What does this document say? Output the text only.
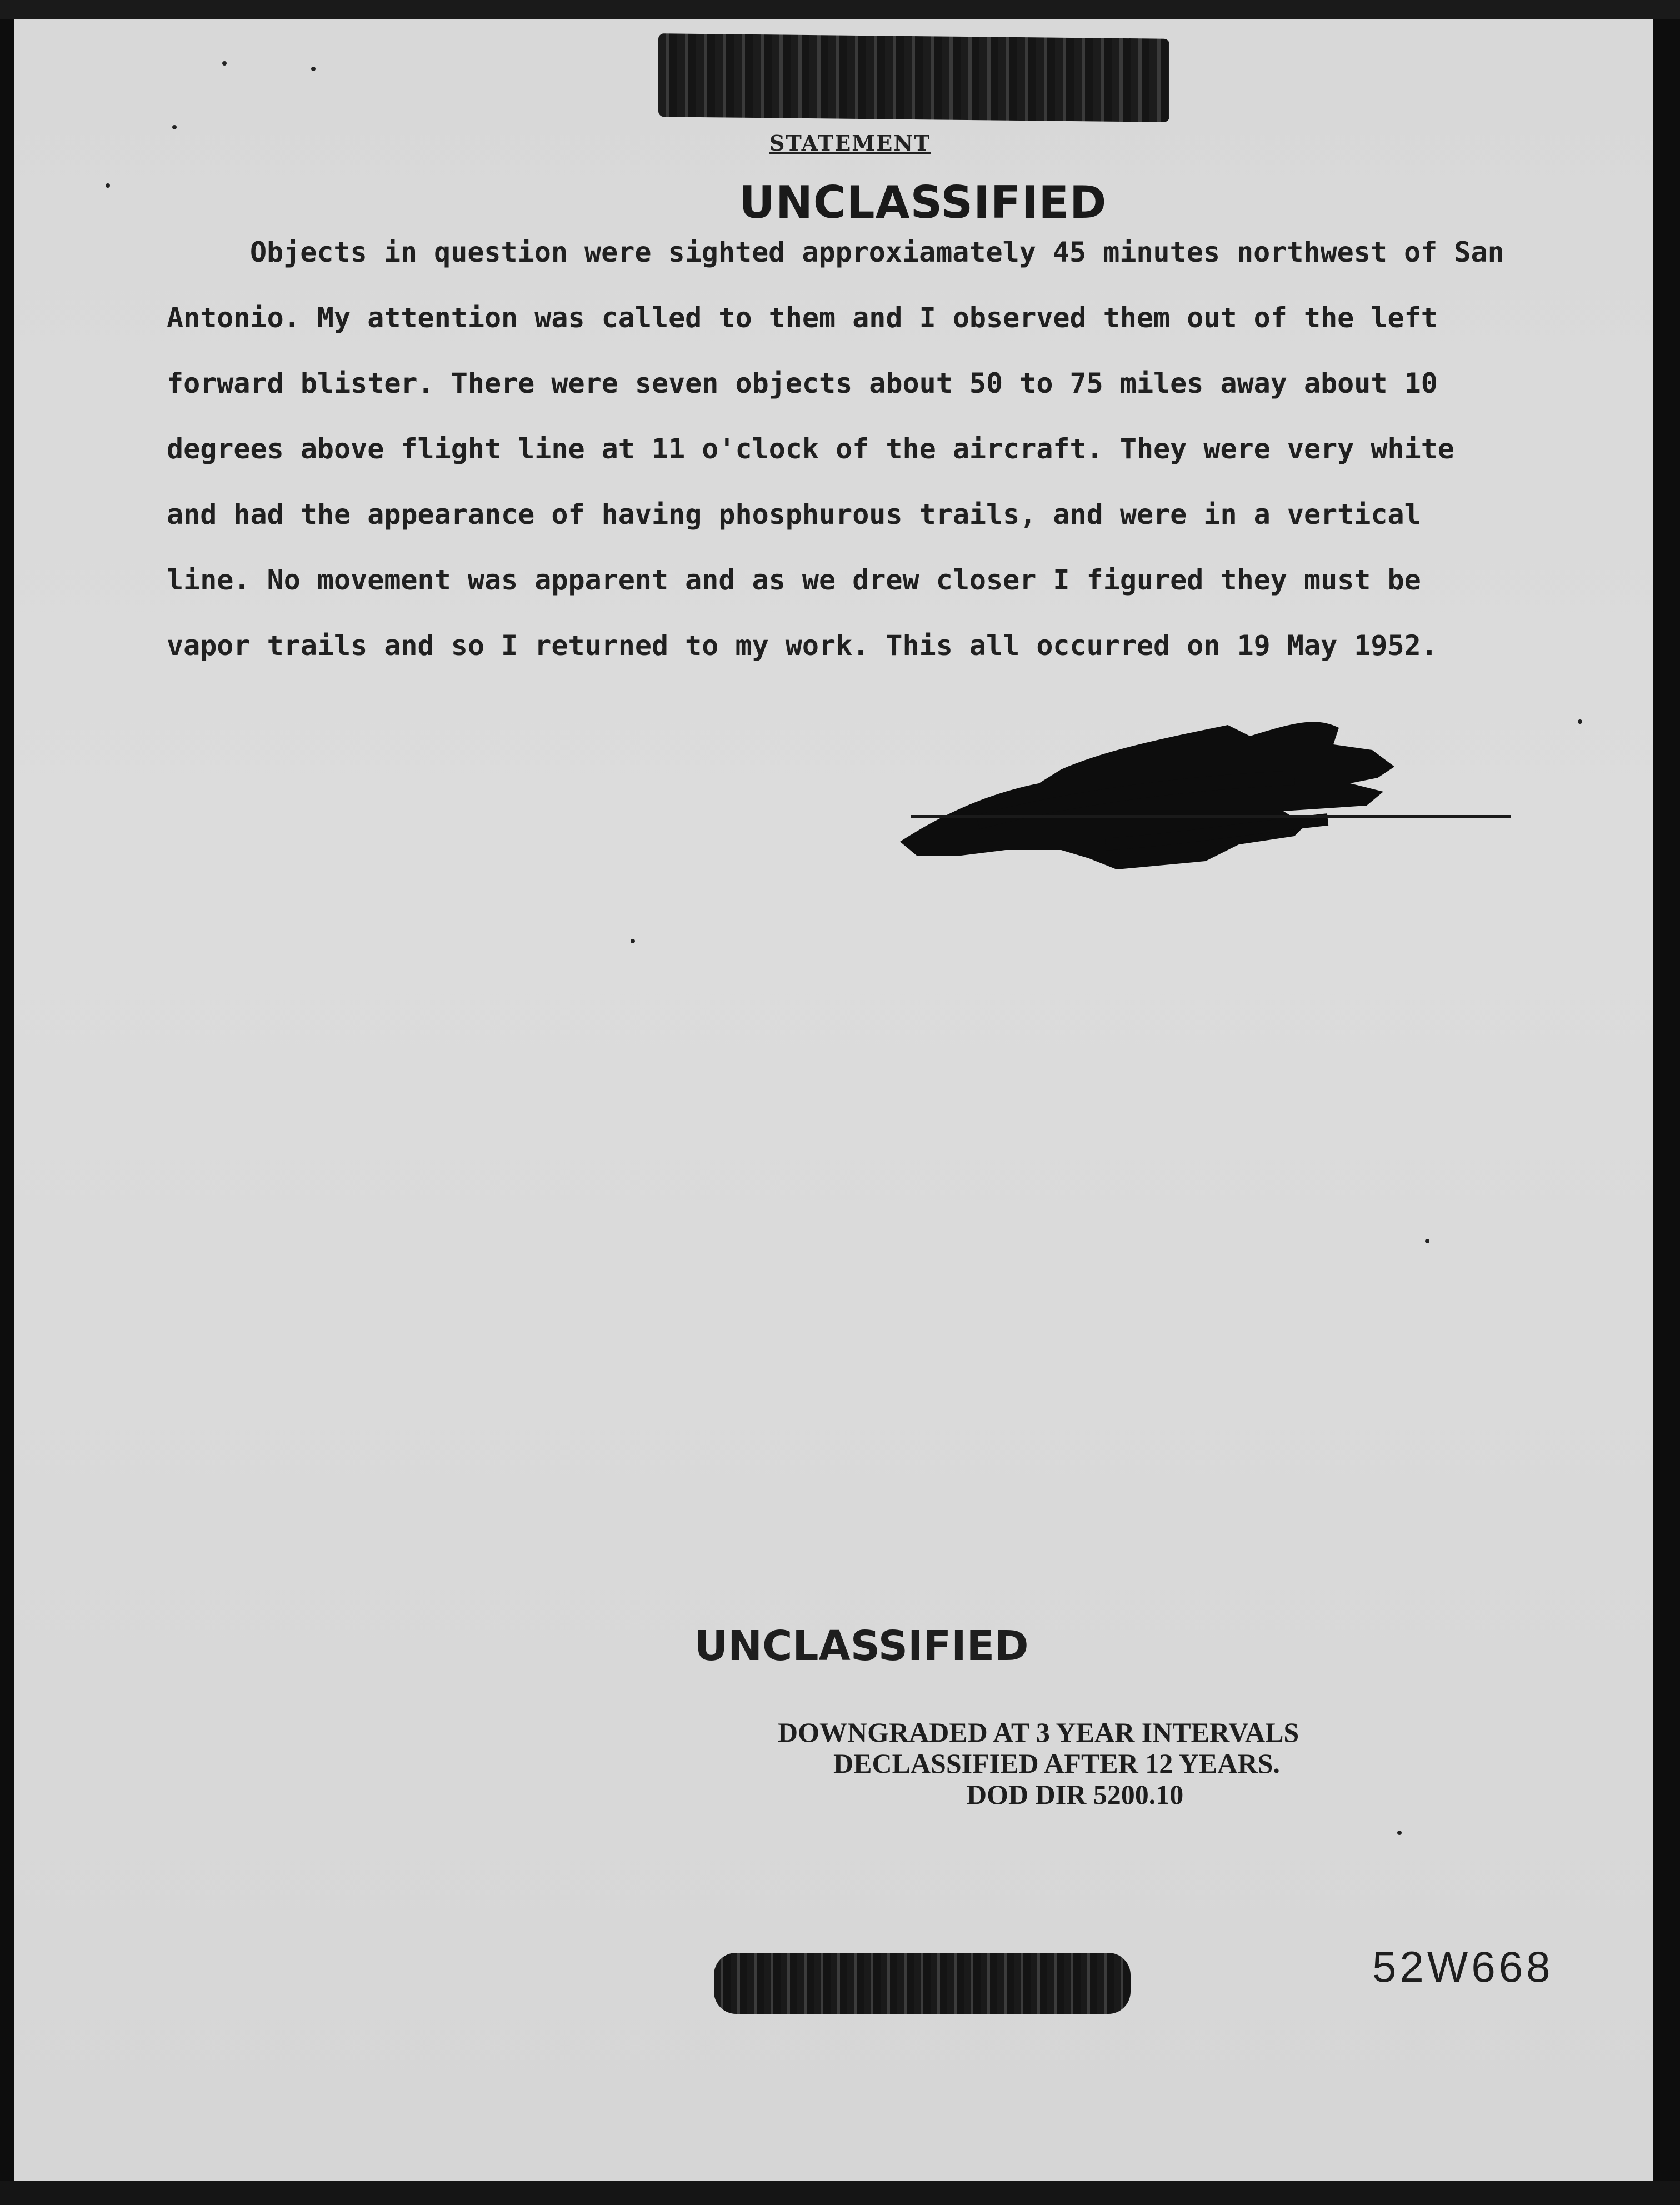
STATEMENT
UNCLASSIFIED
Objects in question were sighted approxiamately 45 minutes northwest of San
Antonio. My attention was called to them and I observed them out of the left
forward blister. There were seven objects about 50 to 75 miles away about 10
degrees above flight line at 11 o'clock of the aircraft. They were very white
and had the appearance of having phosphurous trails, and were in a vertical
line. No movement was apparent and as we drew closer I figured they must be
vapor trails and so I returned to my work. This all occurred on 19 May 1952.
UNCLASSIFIED
DOWNGRADED AT 3 YEAR INTERVALS
DECLASSIFIED AFTER 12 YEARS.
DOD DIR 5200.10
52W668
